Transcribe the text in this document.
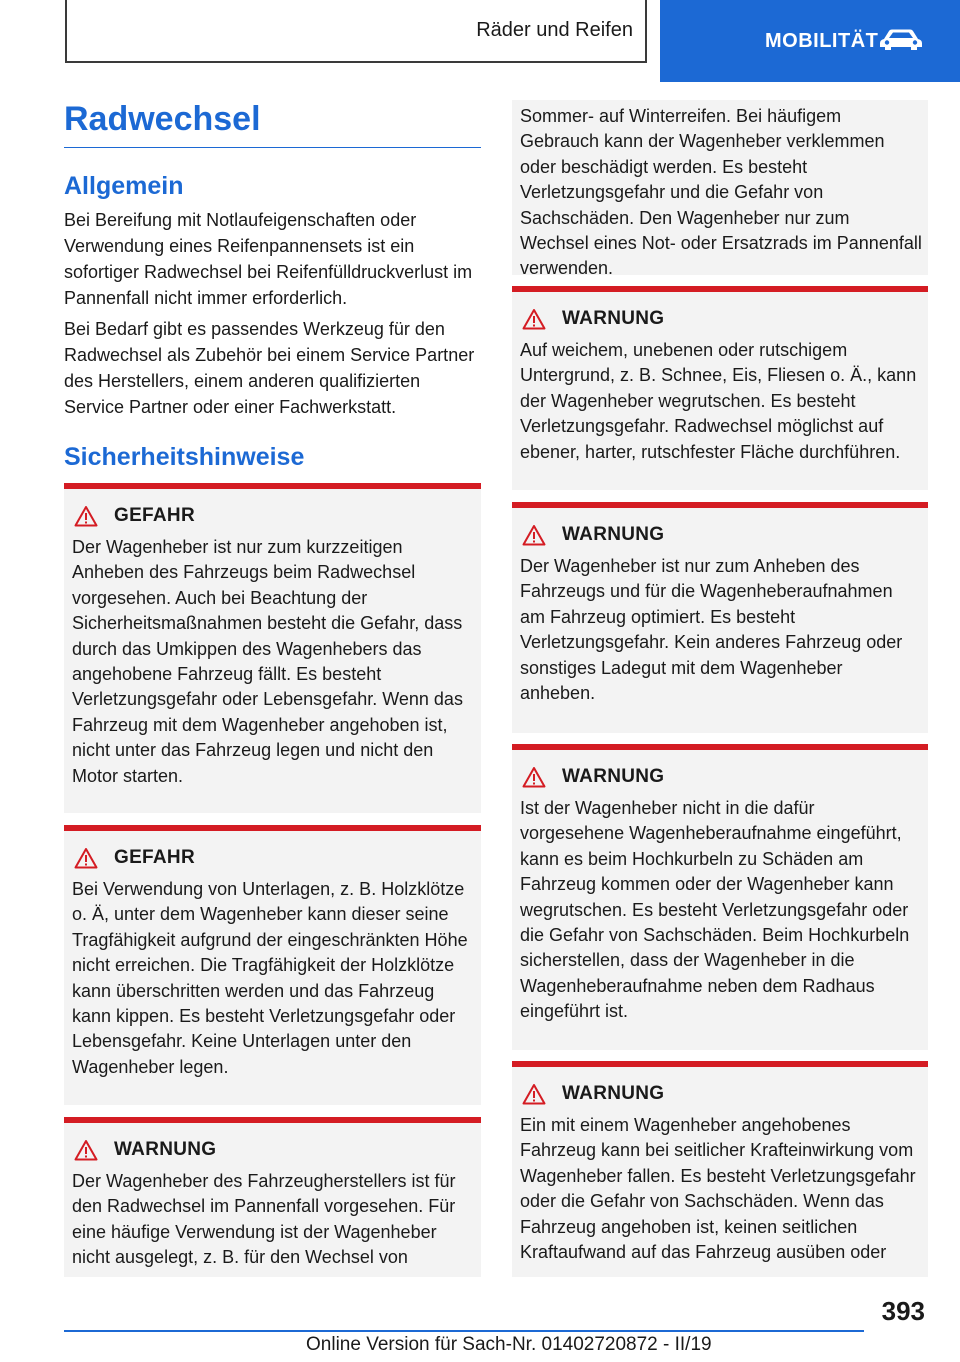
Räder und Reifen	MOBILITÄT
Radwechsel
Allgemein

Bei Bereifung mit Notlaufeigenschaften oder Verwendung eines Reifenpannensets ist ein sofortiger Radwechsel bei Reifenfülldruckverlust im Pannenfall nicht immer erforderlich.

Bei Bedarf gibt es passendes Werkzeug für den Radwechsel als Zubehör bei einem Service Partner des Herstellers, einem anderen qualifizierten Service Partner oder einer Fachwerkstatt.

Sicherheitshinweise
GEFAHR

Der Wagenheber ist nur zum kurzzeitigen Anheben des Fahrzeugs beim Radwechsel vorgesehen. Auch bei Beachtung der Sicherheitsmaßnahmen besteht die Gefahr, dass durch das Umkippen des Wagenhebers das angehobene Fahrzeug fällt. Es besteht Verletzungsgefahr oder Lebensgefahr. Wenn das Fahrzeug mit dem Wagenheber angehoben ist, nicht unter das Fahrzeug legen und nicht den Motor starten.

GEFAHR

Bei Verwendung von Unterlagen, z. B. Holzklötze o. Ä, unter dem Wagenheber kann dieser seine Tragfähigkeit aufgrund der eingeschränkten Höhe nicht erreichen. Die Tragfähigkeit der Holzklötze kann überschritten werden und das Fahrzeug kann kippen. Es besteht Verletzungsgefahr oder Lebensgefahr. Keine Unterlagen unter den Wagenheber legen.

WARNUNG

Der Wagenheber des Fahrzeugherstellers ist für den Radwechsel im Pannenfall vorgesehen. Für eine häufige Verwendung ist der Wagenheber nicht ausgelegt, z. B. für den Wechsel von

Sommer- auf Winterreifen. Bei häufigem Gebrauch kann der Wagenheber verklemmen oder beschädigt werden. Es besteht Verletzungsgefahr und die Gefahr von Sachschäden. Den Wagenheber nur zum Wechsel eines Not- oder Ersatzrads im Pannenfall verwenden.

WARNUNG

Auf weichem, unebenen oder rutschigem Untergrund, z. B. Schnee, Eis, Fliesen o. Ä., kann der Wagenheber wegrutschen. Es besteht Verletzungsgefahr. Radwechsel möglichst auf ebener, harter, rutschfester Fläche durchführen.

WARNUNG

Der Wagenheber ist nur zum Anheben des Fahrzeugs und für die Wagenheberaufnahmen am Fahrzeug optimiert. Es besteht Verletzungsgefahr. Kein anderes Fahrzeug oder sonstiges Ladegut mit dem Wagenheber anheben.

WARNUNG

Ist der Wagenheber nicht in die dafür vorgesehene Wagenheberaufnahme eingeführt, kann es beim Hochkurbeln zu Schäden am Fahrzeug kommen oder der Wagenheber kann wegrutschen. Es besteht Verletzungsgefahr oder die Gefahr von Sachschäden. Beim Hochkurbeln sicherstellen, dass der Wagenheber in die Wagenheberaufnahme neben dem Radhaus eingeführt ist.

WARNUNG

Ein mit einem Wagenheber angehobenes Fahrzeug kann bei seitlicher Krafteinwirkung vom Wagenheber fallen. Es besteht Verletzungsgefahr oder die Gefahr von Sachschäden. Wenn das Fahrzeug angehoben ist, keinen seitlichen Kraftaufwand auf das Fahrzeug ausüben oder

393
Online Version für Sach-Nr. 01402720872 - II/19
